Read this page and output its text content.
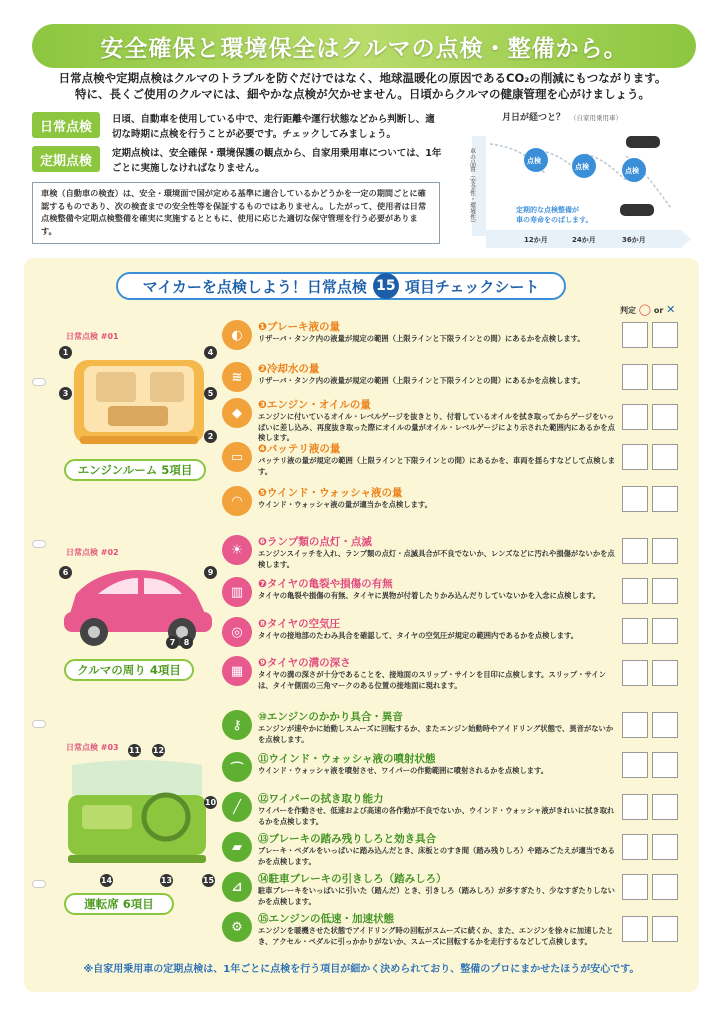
安全確保と環境保全はクルマの点検・整備から。
日常点検や定期点検はクルマのトラブルを防ぐだけではなく、地球温暖化の原因であるCO₂の削減にもつながります。
特に、長くご使用のクルマには、細やかな点検が欠かせません。日頃からクルマの健康管理を心がけましょう。
日常点検	日頃、自動車を使用している中で、走行距離や運行状態などから判断し、適切な時期に点検を行うことが必要です。チェックしてみましょう。
定期点検	定期点検は、安全確保・環境保護の観点から、自家用乗用車については、1年ごとに実施しなければなりません。
車検（自動車の検査）は、安全・環境面で国が定める基準に適合しているかどうかを一定の期間ごとに確認するものであり、次の検査までの安全性等を保証するものではありません。したがって、使用者は日常点検整備や定期点検整備を確実に実施するとともに、使用に応じた適切な保守管理を行う必要があります。
月日が経つと？ （自家用乗用車）
車の品質（安全性・環境性）	点検
点検	点検
定期的な点検整備が
車の寿命をのばします。
12か月	24か月	36か月
マイカーを点検しよう！日常点検 15 項目チェックシート
判定 ◯ or ✕
日常点検 #01
1	4
3	5
2
エンジンルーム 5項目
日常点検 #02
6	9
7	8
クルマの周り 4項目
日常点検 #03 11 12
10
14	13	15
運転席 6項目
◐
❶ブレーキ液の量
リザーバ・タンク内の液量が規定の範囲（上限ラインと下限ラインとの間）にあるかを点検します。
≋
❷冷却水の量
リザーバ・タンク内の液量が規定の範囲（上限ラインと下限ラインとの間）にあるかを点検します。
◆
❸エンジン・オイルの量
エンジンに付いているオイル・レベルゲージを抜きとり、付着しているオイルを拭き取ってからゲージをいっぱいに差し込み、再度抜き取った際にオイルの量がオイル・レベルゲージにより示された範囲内にあるかを点検します。
▭
❹バッテリ液の量
バッテリ液の量が規定の範囲（上限ラインと下限ラインとの間）にあるかを、車両を揺らすなどして点検します。
◠
❺ウインド・ウォッシャ液の量
ウインド・ウォッシャ液の量が適当かを点検します。
☀
❻ランプ類の点灯・点滅
エンジンスイッチを入れ、ランプ類の点灯・点滅具合が不良でないか、レンズなどに汚れや損傷がないかを点検します。
▥
❼タイヤの亀裂や損傷の有無
タイヤの亀裂や損傷の有無、タイヤに異物が付着したりかみ込んだりしていないかを入念に点検します。
◎
❽タイヤの空気圧
タイヤの接地部のたわみ具合を確認して、タイヤの空気圧が規定の範囲内であるかを点検します。
▦
❾タイヤの溝の深さ
タイヤの溝の深さが十分であることを、接地面のスリップ・サインを目印に点検します。スリップ・サインは、タイヤ側面の三角マークのある位置の接地面に現れます。
⚷
⑩エンジンのかかり具合・異音
エンジンが速やかに始動しスムーズに回転するか、またエンジン始動時やアイドリング状態で、異音がないかを点検します。
⌒
⑪ウインド・ウォッシャ液の噴射状態
ウインド・ウォッシャ液を噴射させ、ワイパーの作動範囲に噴射されるかを点検します。
╱
⑫ワイパーの拭き取り能力
ワイパーを作動させ、低速および高速の各作動が不良でないか、ウインド・ウォッシャ液がきれいに拭き取れるかを点検します。
▰
⑬ブレーキの踏み残りしろと効き具合
ブレーキ・ペダルをいっぱいに踏み込んだとき、床板とのすき間（踏み残りしろ）や踏みごたえが適当であるかを点検します。
⊿
⑭駐車ブレーキの引きしろ（踏みしろ）
駐車ブレーキをいっぱいに引いた（踏んだ）とき、引きしろ（踏みしろ）が多すぎたり、少なすぎたりしないかを点検します。
⚙
⑮エンジンの低速・加速状態
エンジンを暖機させた状態でアイドリング時の回転がスムーズに続くか、また、エンジンを徐々に加速したとき、アクセル・ペダルに引っかかりがないか、スムーズに回転するかを走行するなどして点検します。
※自家用乗用車の定期点検は、1年ごとに点検を行う項目が細かく決められており、整備のプロにまかせたほうが安心です。
